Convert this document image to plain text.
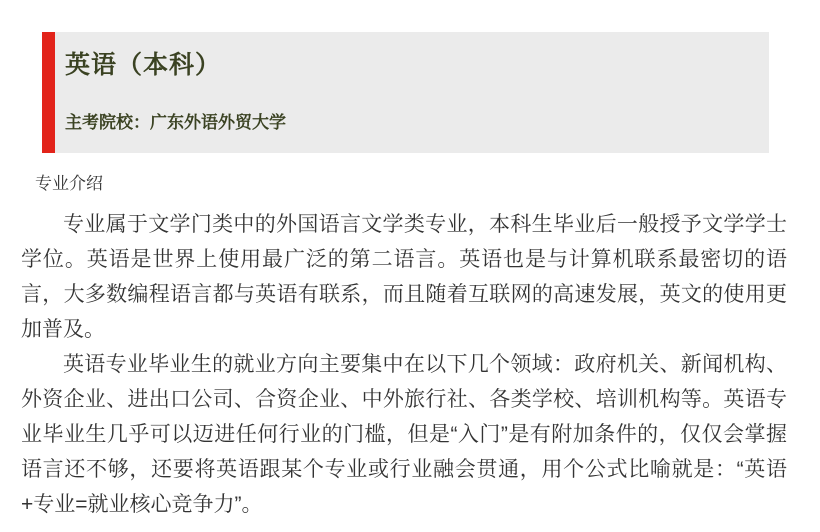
英语（本科）
主考院校：广东外语外贸大学
专业介绍

专业属于文学门类中的外国语言文学类专业，本科生毕业后一般授予文学学士学位。英语是世界上使用最广泛的第二语言。英语也是与计算机联系最密切的语言，大多数编程语言都与英语有联系，而且随着互联网的高速发展，英文的使用更加普及。

英语专业毕业生的就业方向主要集中在以下几个领域：政府机关、新闻机构、外资企业、进出口公司、合资企业、中外旅行社、各类学校、培训机构等。英语专业毕业生几乎可以迈进任何行业的门槛，但是“入门”是有附加条件的，仅仅会掌握语言还不够，还要将英语跟某个专业或行业融会贯通，用个公式比喻就是：“英语+专业=就业核心竞争力”。
